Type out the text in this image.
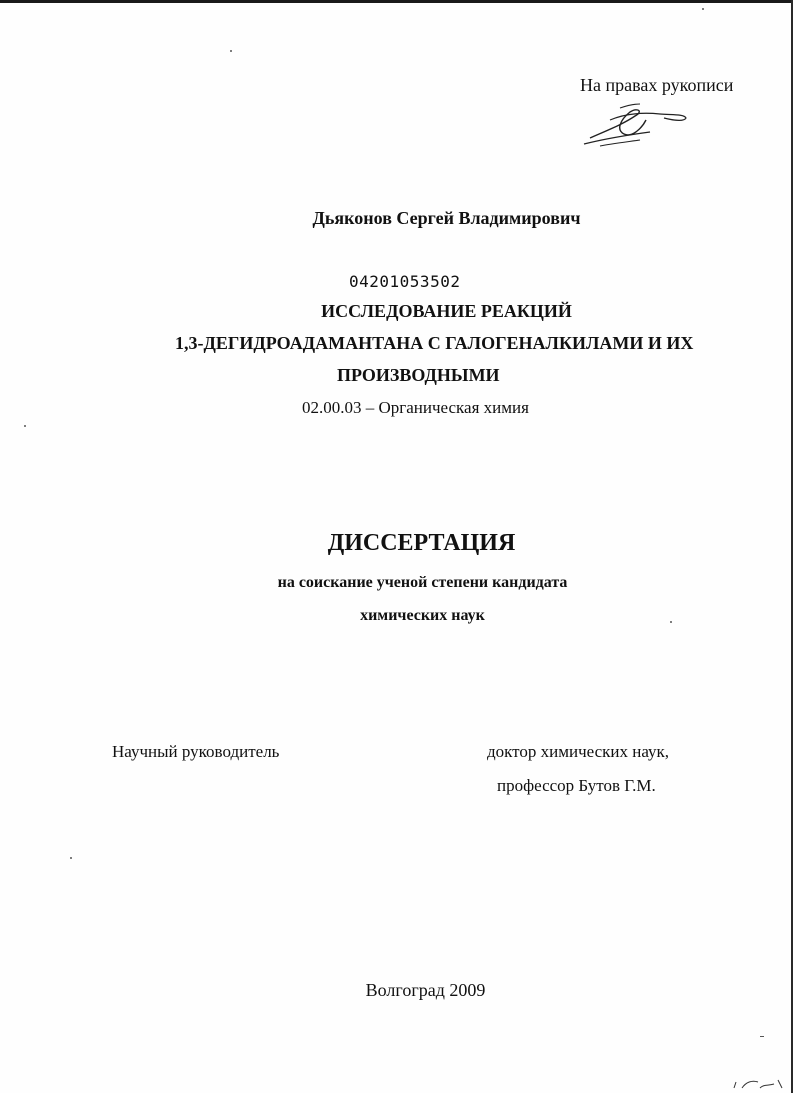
На правах рукописи
Дьяконов Сергей Владимирович
04201053502
ИССЛЕДОВАНИЕ РЕАКЦИЙ
1,3-ДЕГИДРОАДАМАНТАНА С ГАЛОГЕНАЛКИЛАМИ И ИХ
ПРОИЗВОДНЫМИ
02.00.03 – Органическая химия
ДИССЕРТАЦИЯ
на соискание ученой степени кандидата
химических наук
Научный руководитель	доктор химических наук,
профессор Бутов Г.М.
Волгоград 2009
